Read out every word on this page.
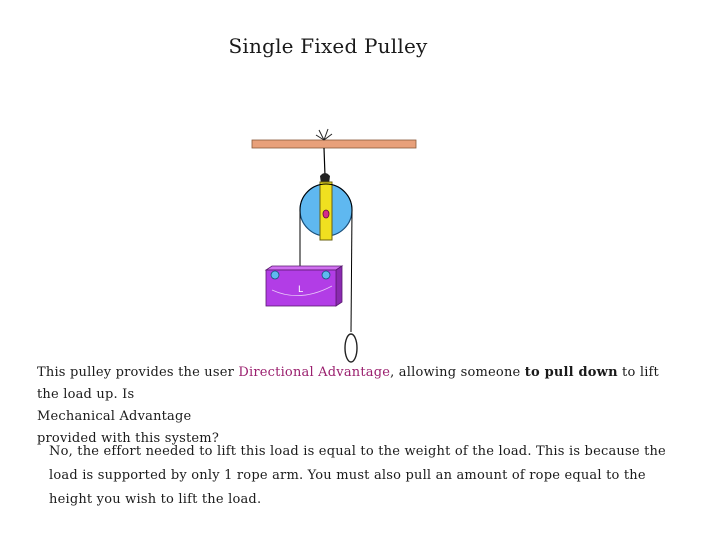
Single Fixed Pulley
L
This pulley provides the user Directional Advantage, allowing someone to pull down to lift the load up. Is
Mechanical Advantage
provided with this system?
No, the effort needed to lift this load is equal to the weight of the load. This is because the load is supported by only 1 rope arm. You must also pull an amount of rope equal to the height you wish to lift the load.
